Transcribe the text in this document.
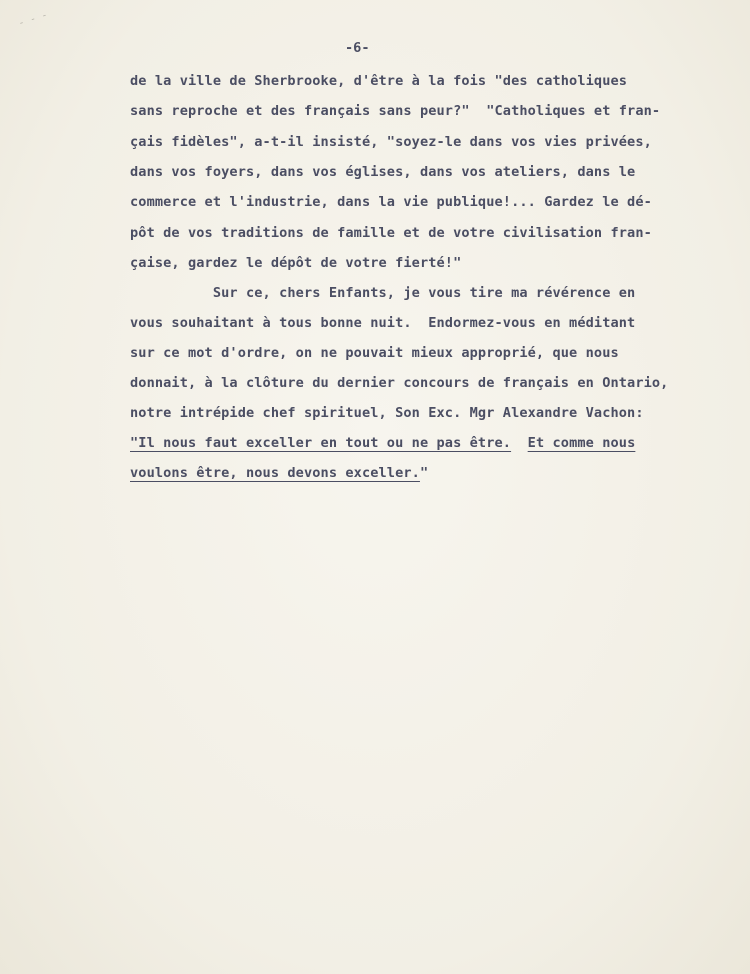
- - -
-6-

de la ville de Sherbrooke, d'être à la fois "des catholiques

sans reproche et des français sans peur?"  "Catholiques et fran-

çais fidèles", a-t-il insisté, "soyez-le dans vos vies privées,

dans vos foyers, dans vos églises, dans vos ateliers, dans le

commerce et l'industrie, dans la vie publique!... Gardez le dé-

pôt de vos traditions de famille et de votre civilisation fran-

çaise, gardez le dépôt de votre fierté!"

Sur ce, chers Enfants, je vous tire ma révérence en

vous souhaitant à tous bonne nuit.  Endormez-vous en méditant

sur ce mot d'ordre, on ne pouvait mieux approprié, que nous

donnait, à la clôture du dernier concours de français en Ontario,

notre intrépide chef spirituel, Son Exc. Mgr Alexandre Vachon:

"Il nous faut exceller en tout ou ne pas être. Et comme nous

voulons être, nous devons exceller."
